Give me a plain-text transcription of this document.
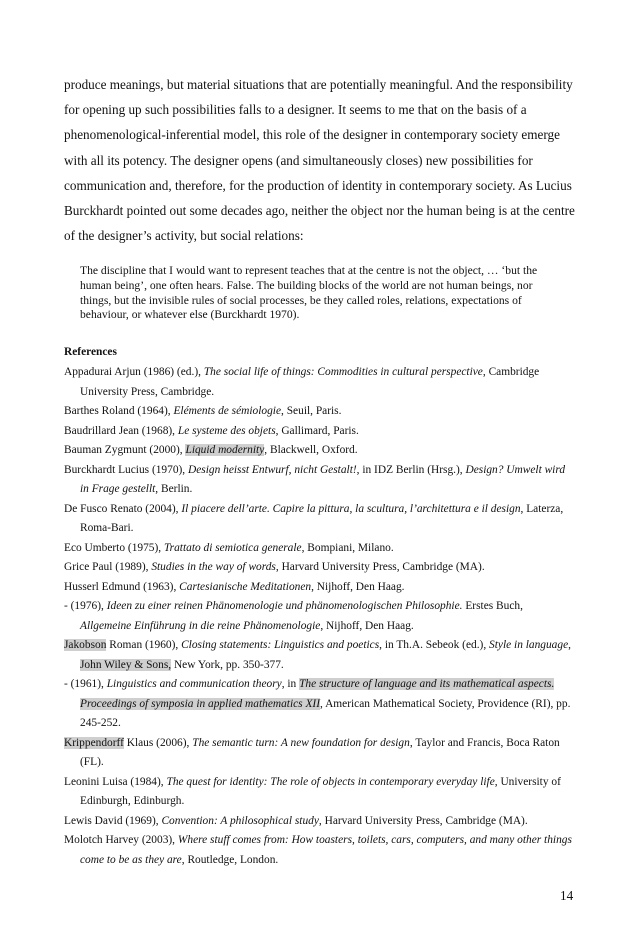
produce meanings, but material situations that are potentially meaningful. And the responsibility for opening up such possibilities falls to a designer. It seems to me that on the basis of a phenomenological-inferential model, this role of the designer in contemporary society emerge with all its potency. The designer opens (and simultaneously closes) new possibilities for communication and, therefore, for the production of identity in contemporary society. As Lucius Burckhardt pointed out some decades ago, neither the object nor the human being is at the centre of the designer’s activity, but social relations:

The discipline that I would want to represent teaches that at the centre is not the object, … ‘but the human being’, one often hears. False. The building blocks of the world are not human beings, nor things, but the invisible rules of social processes, be they called roles, relations, expectations of behaviour, or whatever else (Burckhardt 1970).

References

Appadurai Arjun (1986) (ed.), The social life of things: Commodities in cultural perspective, Cambridge University Press, Cambridge.
Barthes Roland (1964), Eléments de sémiologie, Seuil, Paris.
Baudrillard Jean (1968), Le systeme des objets, Gallimard, Paris.
Bauman Zygmunt (2000), Liquid modernity, Blackwell, Oxford.
Burckhardt Lucius (1970), Design heisst Entwurf, nicht Gestalt!, in IDZ Berlin (Hrsg.), Design? Umwelt wird in Frage gestellt, Berlin.
De Fusco Renato (2004), Il piacere dell’arte. Capire la pittura, la scultura, l’architettura e il design, Laterza, Roma-Bari.
Eco Umberto (1975), Trattato di semiotica generale, Bompiani, Milano.
Grice Paul (1989), Studies in the way of words, Harvard University Press, Cambridge (MA).
Husserl Edmund (1963), Cartesianische Meditationen, Nijhoff, Den Haag.
- (1976), Ideen zu einer reinen Phänomenologie und phänomenologischen Philosophie. Erstes Buch, Allgemeine Einführung in die reine Phänomenologie, Nijhoff, Den Haag.
Jakobson Roman (1960), Closing statements: Linguistics and poetics, in Th.A. Sebeok (ed.), Style in language, John Wiley & Sons, New York, pp. 350-377.
- (1961), Linguistics and communication theory, in The structure of language and its mathematical aspects. Proceedings of symposia in applied mathematics XII, American Mathematical Society, Providence (RI), pp. 245-252.
Krippendorff Klaus (2006), The semantic turn: A new foundation for design, Taylor and Francis, Boca Raton (FL).
Leonini Luisa (1984), The quest for identity: The role of objects in contemporary everyday life, University of Edinburgh, Edinburgh.
Lewis David (1969), Convention: A philosophical study, Harvard University Press, Cambridge (MA).
Molotch Harvey (2003), Where stuff comes from: How toasters, toilets, cars, computers, and many other things come to be as they are, Routledge, London.
14
